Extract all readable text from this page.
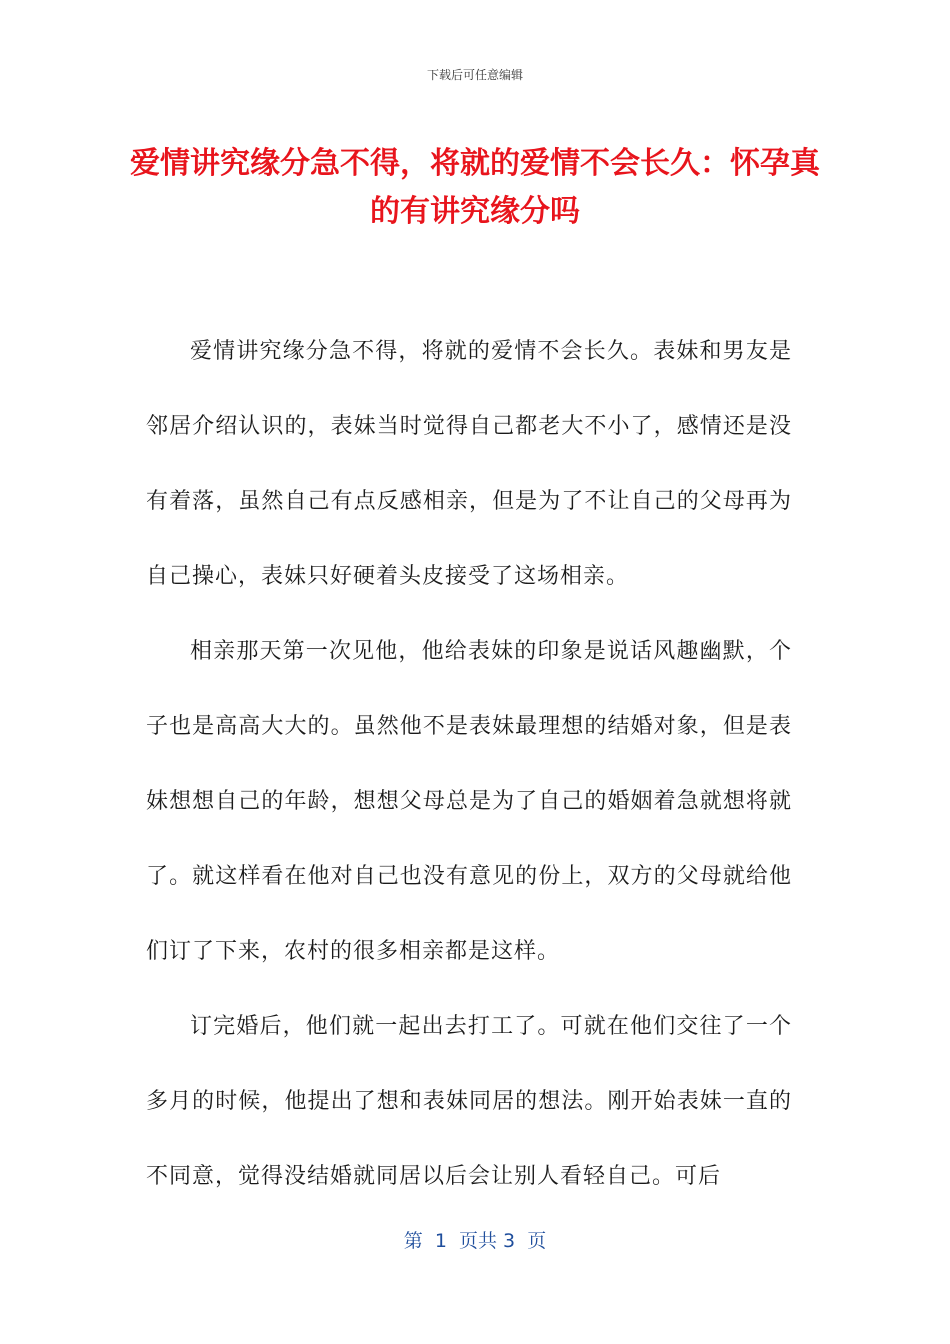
下载后可任意编辑
爱情讲究缘分急不得，将就的爱情不会长久：怀孕真的有讲究缘分吗

爱情讲究缘分急不得，将就的爱情不会长久。表妹和男友是邻居介绍认识的，表妹当时觉得自己都老大不小了，感情还是没有着落，虽然自己有点反感相亲，但是为了不让自己的父母再为自己操心，表妹只好硬着头皮接受了这场相亲。

相亲那天第一次见他，他给表妹的印象是说话风趣幽默，个子也是高高大大的。虽然他不是表妹最理想的结婚对象，但是表妹想想自己的年龄，想想父母总是为了自己的婚姻着急就想将就了。就这样看在他对自己也没有意见的份上，双方的父母就给他们订了下来，农村的很多相亲都是这样。

订完婚后，他们就一起出去打工了。可就在他们交往了一个多月的时候，他提出了想和表妹同居的想法。刚开始表妹一直的不同意，觉得没结婚就同居以后会让别人看轻自己。可后

第  1  页共 3  页
